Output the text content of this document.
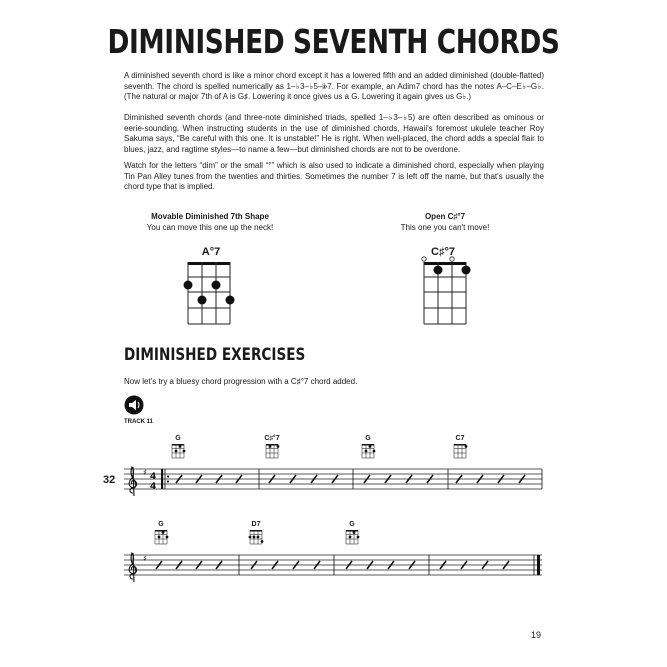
DIMINISHED SEVENTH CHORDS
A diminished seventh chord is like a minor chord except it has a lowered fifth and an added diminished (double-flatted) seventh. The chord is spelled numerically as 1–♭3–♭5–𝄫7. For example, an Adim7 chord has the notes A–C–E♭–G♭. (The natural or major 7th of A is G♯. Lowering it once gives us a G. Lowering it again gives us G♭.)
Diminished seventh chords (and three-note diminished triads, spelled 1–♭3–♭5) are often described as ominous or eerie-sounding. When instructing students in the use of diminished chords, Hawaii's foremost ukulele teacher Roy Sakuma says, “Be careful with this one. It is unstable!” He is right. When well-placed, the chord adds a special flair to blues, jazz, and ragtime styles—to name a few—but diminished chords are not to be overdone.
Watch for the letters “dim” or the small “°” which is also used to indicate a diminished chord, especially when playing Tin Pan Alley tunes from the twenties and thirties. Sometimes the number 7 is left off the name, but that's usually the chord type that is implied.
Movable Diminished 7th Shape
You can move this one up the neck!
Open C♯°7
This one you can't move!
A°7	C♯°7
DIMINISHED EXERCISES
Now let's try a bluesy chord progression with a C♯°7 chord added.
TRACK 11
32
G	C♯°7	G	C7
G	D7	G
♯ 4
4
♯
19
